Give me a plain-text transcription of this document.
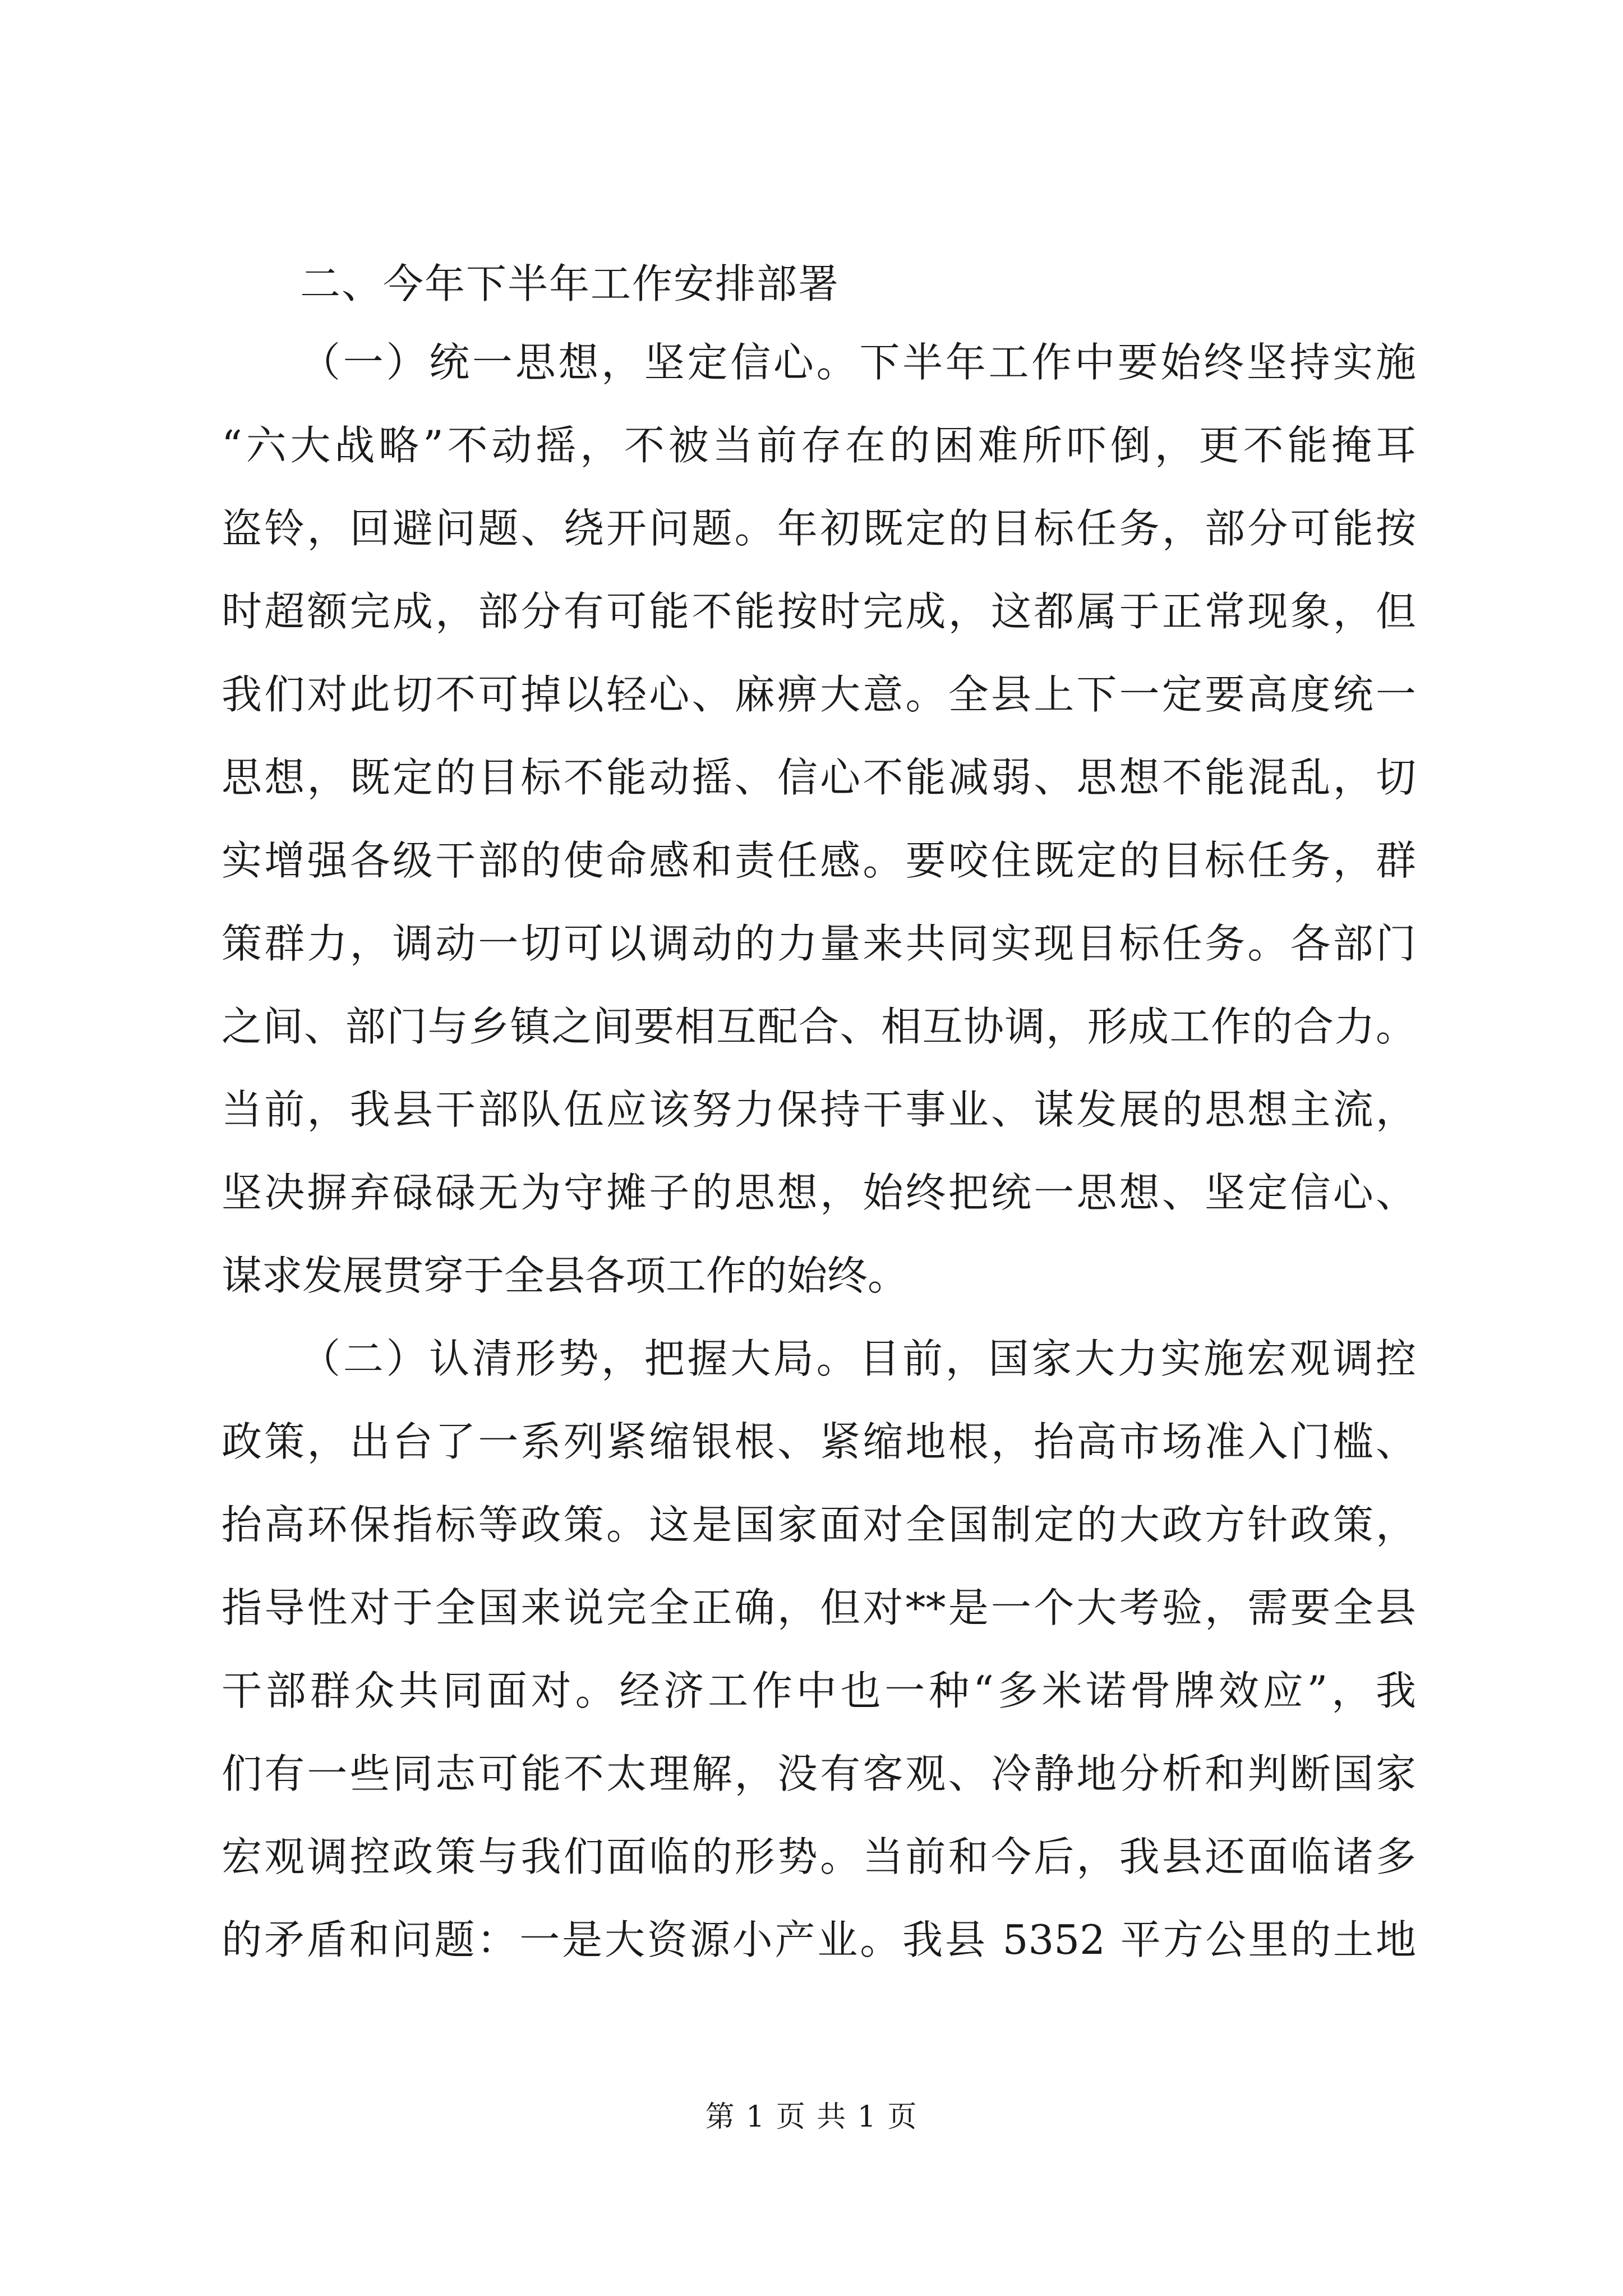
二、今年下半年工作安排部署
（一）统一思想，坚定信心。下半年工作中要始终坚持实施
“六大战略”不动摇，不被当前存在的困难所吓倒，更不能掩耳
盗铃，回避问题、绕开问题。年初既定的目标任务，部分可能按
时超额完成，部分有可能不能按时完成，这都属于正常现象，但
我们对此切不可掉以轻心、麻痹大意。全县上下一定要高度统一
思想，既定的目标不能动摇、信心不能减弱、思想不能混乱，切
实增强各级干部的使命感和责任感。要咬住既定的目标任务，群
策群力，调动一切可以调动的力量来共同实现目标任务。各部门
之间、部门与乡镇之间要相互配合、相互协调，形成工作的合力。
当前，我县干部队伍应该努力保持干事业、谋发展的思想主流，
坚决摒弃碌碌无为守摊子的思想，始终把统一思想、坚定信心、
谋求发展贯穿于全县各项工作的始终。
（二）认清形势，把握大局。目前，国家大力实施宏观调控
政策，出台了一系列紧缩银根、紧缩地根，抬高市场准入门槛、
抬高环保指标等政策。这是国家面对全国制定的大政方针政策，
指导性对于全国来说完全正确，但对**是一个大考验，需要全县
干部群众共同面对。经济工作中也一种“多米诺骨牌效应”，我
们有一些同志可能不太理解，没有客观、冷静地分析和判断国家
宏观调控政策与我们面临的形势。当前和今后，我县还面临诸多
的矛盾和问题：一是大资源小产业。我县 5352 平方公里的土地
第 1 页 共 1 页
